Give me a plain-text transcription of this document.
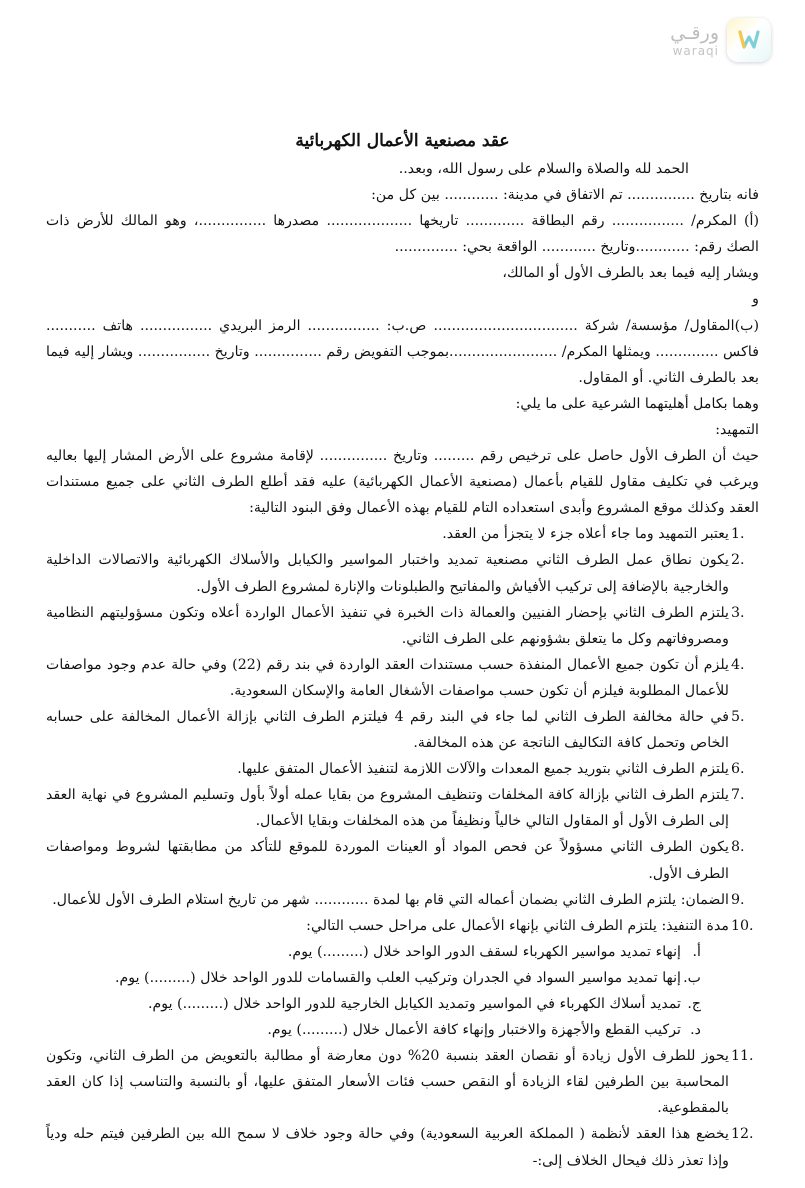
ورقـي
waraqi
عقد مصنعية الأعمال الكهربائية

الحمد لله والصلاة والسلام على رسول الله، وبعد..

فانه بتاريخ ............... تم الاتفاق في مدينة: ............ بين كل من:

(أ) المكرم/ ................ رقم البطاقة ............. تاريخها ................... مصدرها ...............، وهو المالك للأرض ذات الصك رقم: ............وتاريخ ............ الواقعة بحي: ..............

ويشار إليه فيما بعد بالطرف الأول أو المالك،

و

(ب)المقاول/ مؤسسة/ شركة ................................ ص.ب: ................ الرمز البريدي ................ هاتف ........... فاكس .............. ويمثلها المكرم/ ........................بموجب التفويض رقم ............... وتاريخ ................ ويشار إليه فيما بعد بالطرف الثاني. أو المقاول.

وهما بكامل أهليتهما الشرعية على ما يلي:

التمهيد:

حيث أن الطرف الأول حاصل على ترخيص رقم ......... وتاريخ ............... لإقامة مشروع على الأرض المشار إليها بعاليه ويرغب في تكليف مقاول للقيام بأعمال (مصنعية الأعمال الكهربائية) عليه فقد أطلع الطرف الثاني على جميع مستندات العقد وكذلك موقع المشروع وأبدى استعداده التام للقيام بهذه الأعمال وفق البنود التالية:

1.
يعتبر التمهيد وما جاء أعلاه جزء لا يتجزأ من العقد.
2.
يكون نطاق عمل الطرف الثاني مصنعية تمديد واختبار المواسير والكيابل والأسلاك الكهربائية والاتصالات الداخلية والخارجية بالإضافة إلى تركيب الأفياش والمفاتيح والطبلونات والإنارة لمشروع الطرف الأول.
3.
يلتزم الطرف الثاني بإحضار الفنيين والعمالة ذات الخبرة في تنفيذ الأعمال الواردة أعلاه وتكون مسؤوليتهم النظامية ومصروفاتهم وكل ما يتعلق بشؤونهم على الطرف الثاني.
4.
يلزم أن تكون جميع الأعمال المنفذة حسب مستندات العقد الواردة في بند رقم (22) وفي حالة عدم وجود مواصفات للأعمال المطلوبة فيلزم أن تكون حسب مواصفات الأشغال العامة والإسكان السعودية.
5.
في حالة مخالفة الطرف الثاني لما جاء في البند رقم 4 فيلتزم الطرف الثاني بإزالة الأعمال المخالفة على حسابه الخاص وتحمل كافة التكاليف الناتجة عن هذه المخالفة.
6.
يلتزم الطرف الثاني بتوريد جميع المعدات والآلات اللازمة لتنفيذ الأعمال المتفق عليها.
7.
يلتزم الطرف الثاني بإزالة كافة المخلفات وتنظيف المشروع من بقايا عمله أولاً بأول وتسليم المشروع في نهاية العقد إلى الطرف الأول أو المقاول التالي خالياً ونظيفاً من هذه المخلفات وبقايا الأعمال.
8.
يكون الطرف الثاني مسؤولاً عن فحص المواد أو العينات الموردة للموقع للتأكد من مطابقتها لشروط ومواصفات الطرف الأول.
9.
الضمان: يلتزم الطرف الثاني بضمان أعماله التي قام بها لمدة ............ شهر من تاريخ استلام الطرف الأول للأعمال.
10.
مدة التنفيذ: يلتزم الطرف الثاني بإنهاء الأعمال على مراحل حسب التالي:
أ.
إنهاء تمديد مواسير الكهرباء لسقف الدور الواحد خلال (.........) يوم.
ب.
إنها تمديد مواسير السواد في الجدران وتركيب العلب والقسامات للدور الواحد خلال (.........) يوم.
ج.
تمديد أسلاك الكهرباء في المواسير وتمديد الكيابل الخارجية للدور الواحد خلال (.........) يوم.
د.
تركيب القطع والأجهزة والاختبار وإنهاء كافة الأعمال خلال (.........) يوم.
11.
يحوز للطرف الأول زيادة أو نقصان العقد بنسبة 20% دون معارضة أو مطالبة بالتعويض من الطرف الثاني، وتكون المحاسبة بين الطرفين لقاء الزيادة أو النقص حسب فئات الأسعار المتفق عليها، أو بالنسبة والتناسب إذا كان العقد بالمقطوعية.
12.
يخضع هذا العقد لأنظمة ( المملكة العربية السعودية) وفي حالة وجود خلاف لا سمح الله بين الطرفين فيتم حله ودياً وإذا تعذر ذلك فيحال الخلاف إلى:-
